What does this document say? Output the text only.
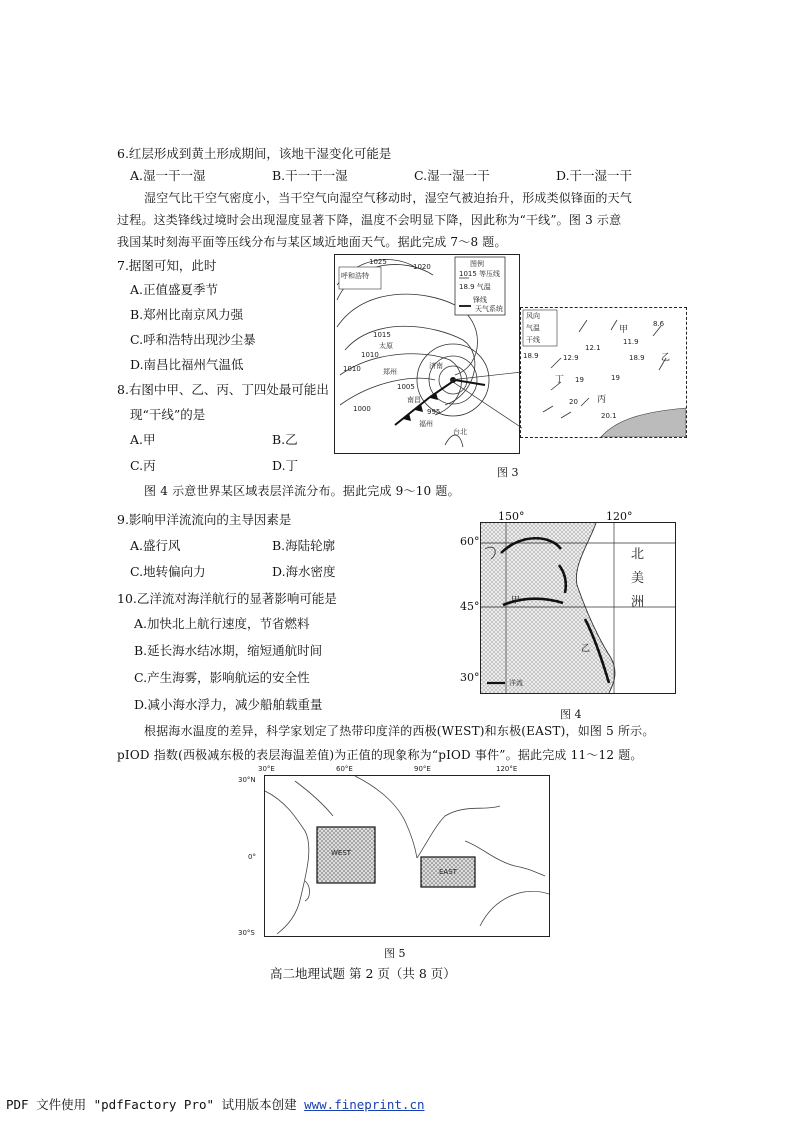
6.红层形成到黄土形成期间，该地干湿变化可能是
A.湿一干一湿	B.干一干一湿	C.湿一湿一干	D.干一湿一干
湿空气比干空气密度小，当干空气向湿空气移动时，湿空气被迫抬升，形成类似锋面的天气
过程。这类锋线过境时会出现湿度显著下降，温度不会明显下降，因此称为“干线”。图 3 示意
我国某时刻海平面等压线分布与某区域近地面天气。据此完成 7～8 题。
7.据图可知，此时
A.正值盛夏季节
B.郑州比南京风力强
C.呼和浩特出现沙尘暴
D.南昌比福州气温低
8.右图中甲、乙、丙、丁四处最可能出
现“干线”的是
A.甲	B.乙
C.丙	D.丁
1025
1020
1015
1010
1005
1000	995
1010
呼和浩特
太原
郑州
济南
南昌
福州
台北
图例
1015 等压线
18.9 气温
锋线
天气系统
风向
气温
干线
18.9	12.9
12.1
11.9
8.6
18.9
19	19
20
20.1
甲
乙
丙
丁
图 3
图 4 示意世界某区域表层洋流分布。据此完成 9～10 题。
9.影响甲洋流流向的主导因素是
A.盛行风	B.海陆轮廓
C.地转偏向力	D.海水密度
10.乙洋流对海洋航行的显著影响可能是
A.加快北上航行速度，节省燃料
B.延长海水结冰期，缩短通航时间
C.产生海雾，影响航运的安全性
D.减小海水浮力，减少船舶载重量
甲
乙
北
美
洲
洋流
150°	120°
60°
45°
30°
图 4
根据海水温度的差异，科学家划定了热带印度洋的西极(WEST)和东极(EAST)，如图 5 所示。
pIOD 指数(西极减东极的表层海温差值)为正值的现象称为“pIOD 事件”。据此完成 11～12 题。
WEST
EAST
30°E	60°E	90°E	120°E
30°N
0°
30°S
图 5
高二地理试题 第 2 页（共 8 页）
PDF 文件使用 "pdfFactory Pro" 试用版本创建 www.fineprint.cn
